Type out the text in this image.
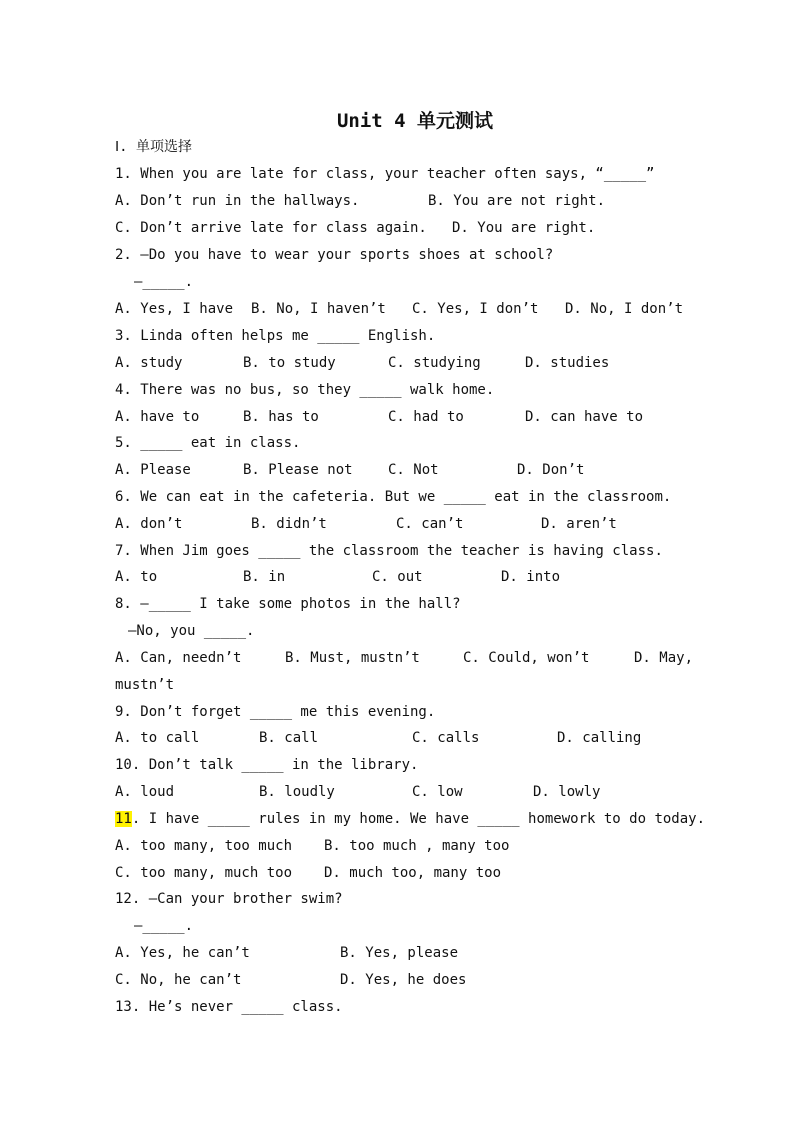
Unit 4 单元测试
Ⅰ. 单项选择
1. When you are late for class, your teacher often says, “_____”

A. Don’t run in the hallways.

	B. You are not right.

C. Don’t arrive late for class again.

D. You are right.

2. —Do you have to wear your sports shoes at school?
—_____.

A. Yes, I have

B. No, I haven’t

C. Yes, I don’t

D. No, I don’t

3. Linda often helps me _____ English.

A. study

	B. to study

	C. studying

	D. studies

4. There was no bus, so they _____ walk home.

A. have to

	B. has to

	C. had to

	D. can have to

5. _____ eat in class.

A. Please

	B. Please not

	C. Not

	D. Don’t

6. We can eat in the cafeteria. But we _____ eat in the classroom.

A. don’t

	B. didn’t

	C. can’t

	D. aren’t

7. When Jim goes _____ the classroom the teacher is having class.

A. to

	B. in

	C. out

	D. into

8. —_____ I take some photos in the hall?
—No, you _____.

A. Can, needn’t

	B. Must, mustn’t

	C. Could, won’t

	D. May,

mustn’t
9. Don’t forget _____ me this evening.

A. to call

	B. call

	C. calls

	D. calling

10. Don’t talk _____ in the library.

A. loud

	B. loudly

	C. low

	D. lowly

11. I have _____ rules in my home. We have _____ homework to do today.

A. too many, too much

B. too much , many too

C. too many, much too

D. much too, many too

12. —Can your brother swim?
—_____.

A. Yes, he can’t

	B. Yes, please

C. No, he can’t

	D. Yes, he does

13. He’s never _____ class.
